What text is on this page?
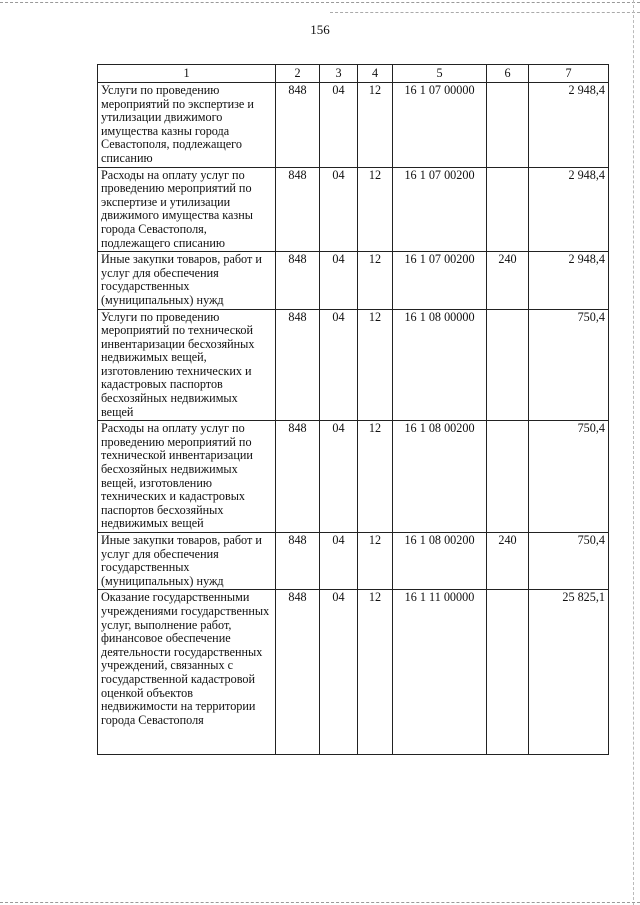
156
1	2	3	4	5	6	7
Услуги по проведению мероприятий по экспертизе и утилизации движимого имущества казны города Севастополя, подлежащего списанию	848	04	12	16 1 07 00000		2 948,4
Расходы на оплату услуг по проведению мероприятий по экспертизе и утилизации движимого имущества казны города Севастополя, подлежащего списанию	848	04	12	16 1 07 00200		2 948,4
Иные закупки товаров, работ и услуг для обеспечения государственных (муниципальных) нужд	848	04	12	16 1 07 00200	240	2 948,4
Услуги по проведению мероприятий по технической инвентаризации бесхозяйных недвижимых вещей, изготовлению технических и кадастровых паспортов бесхозяйных недвижимых вещей	848	04	12	16 1 08 00000		750,4
Расходы на оплату услуг по проведению мероприятий по технической инвентаризации бесхозяйных недвижимых вещей, изготовлению технических и кадастровых паспортов бесхозяйных недвижимых вещей	848	04	12	16 1 08 00200		750,4
Иные закупки товаров, работ и услуг для обеспечения государственных (муниципальных) нужд	848	04	12	16 1 08 00200	240	750,4
Оказание государственными учреждениями государственных услуг, выполнение работ, финансовое обеспечение деятельности государственных учреждений, связанных с государственной кадастровой оценкой объектов недвижимости на территории города Севастополя	848	04	12	16 1 11 00000		25 825,1
